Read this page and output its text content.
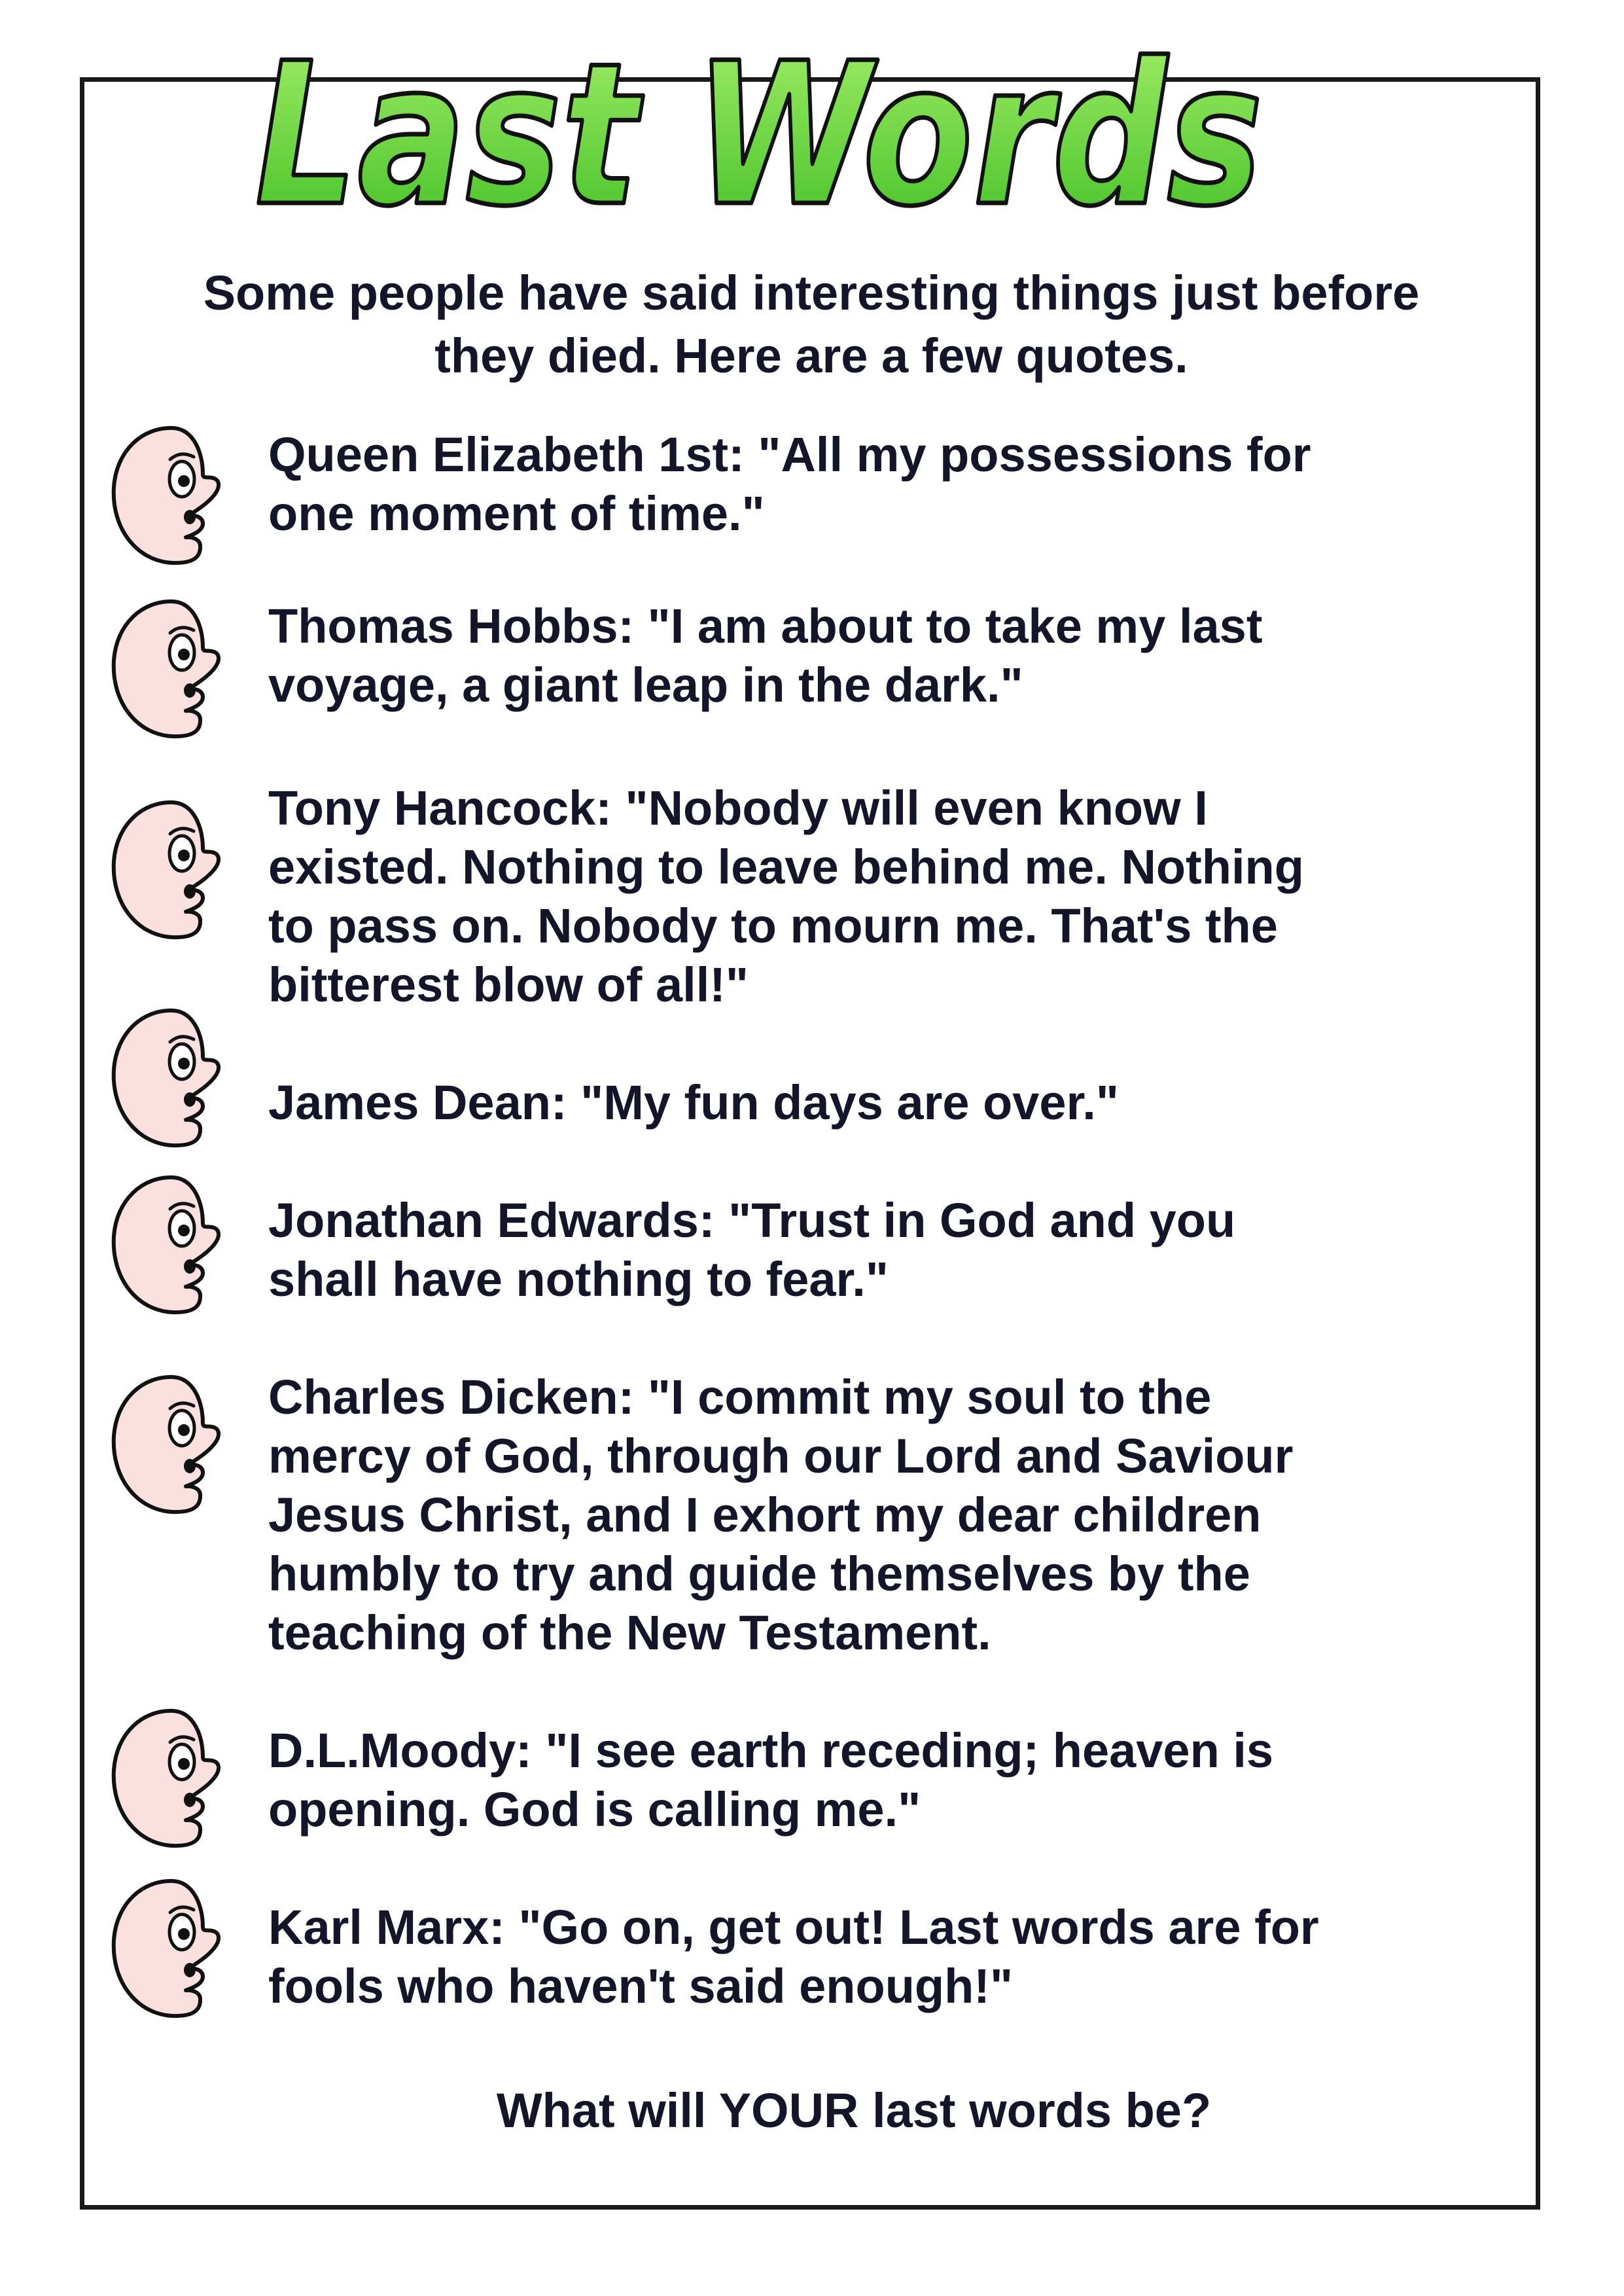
Last Words

Some people have said interesting things just before
they died. Here are a few quotes.

Queen Elizabeth 1st: "All my possessions for
one moment of time."

Thomas Hobbs: "I am about to take my last
voyage, a giant leap in the dark."

Tony Hancock: "Nobody will even know I
existed. Nothing to leave behind me. Nothing
to pass on. Nobody to mourn me. That's the
bitterest blow of all!"

James Dean: "My fun days are over."

Jonathan Edwards: "Trust in God and you
shall have nothing to fear."

Charles Dicken: "I commit my soul to the
mercy of God, through our Lord and Saviour
Jesus Christ, and I exhort my dear children
humbly to try and guide themselves by the
teaching of the New Testament.

D.L.Moody: "I see earth receding; heaven is
opening. God is calling me."

Karl Marx: "Go on, get out! Last words are for
fools who haven't said enough!"

What will YOUR last words be?
